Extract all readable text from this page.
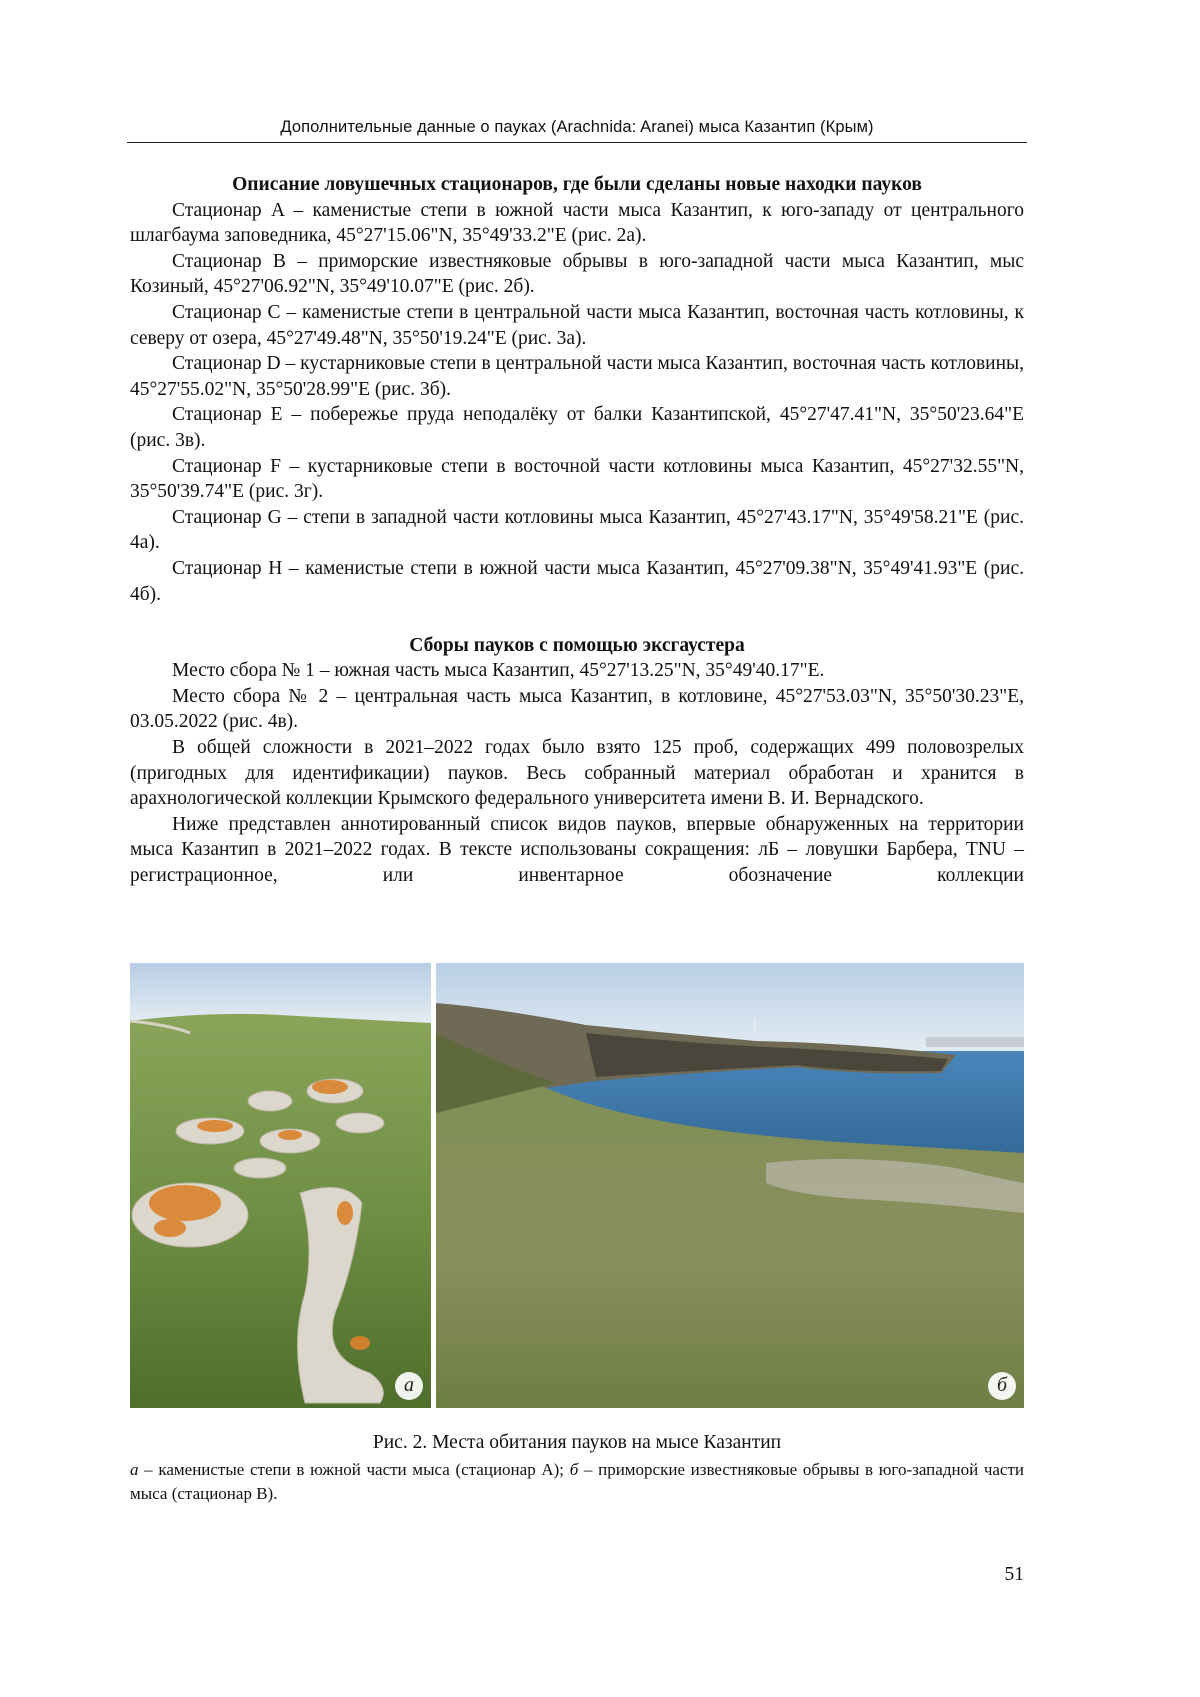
Дополнительные данные о пауках (Arachnida: Aranei) мыса Казантип (Крым)
Описание ловушечных стационаров, где были сделаны новые находки пауков
Стационар A – каменистые степи в южной части мыса Казантип, к юго-западу от центрального шлагбаума заповедника, 45°27'15.06"N, 35°49'33.2"E (рис. 2а).
Стационар B – приморские известняковые обрывы в юго-западной части мыса Казантип, мыс Козиный, 45°27'06.92"N, 35°49'10.07"E (рис. 2б).
Стационар C – каменистые степи в центральной части мыса Казантип, восточная часть котловины, к северу от озера, 45°27'49.48"N, 35°50'19.24"E (рис. 3а).
Стационар D – кустарниковые степи в центральной части мыса Казантип, восточная часть котловины, 45°27'55.02"N, 35°50'28.99"E (рис. 3б).
Стационар E – побережье пруда неподалёку от балки Казантипской, 45°27'47.41"N, 35°50'23.64"E (рис. 3в).
Стационар F – кустарниковые степи в восточной части котловины мыса Казантип, 45°27'32.55"N, 35°50'39.74"E (рис. 3г).
Стационар G – степи в западной части котловины мыса Казантип, 45°27'43.17"N, 35°49'58.21"E (рис. 4а).
Стационар H – каменистые степи в южной части мыса Казантип, 45°27'09.38"N, 35°49'41.93"E (рис. 4б).
Сборы пауков с помощью эксгаустера
Место сбора № 1 – южная часть мыса Казантип, 45°27'13.25"N, 35°49'40.17"E.
Место сбора № 2 – центральная часть мыса Казантип, в котловине, 45°27'53.03"N, 35°50'30.23"E, 03.05.2022 (рис. 4в).
В общей сложности в 2021–2022 годах было взято 125 проб, содержащих 499 половозрелых (пригодных для идентификации) пауков. Весь собранный материал обработан и хранится в арахнологической коллекции Крымского федерального университета имени В. И. Вернадского.
Ниже представлен аннотированный список видов пауков, впервые обнаруженных на территории мыса Казантип в 2021–2022 годах. В тексте использованы сокращения: лБ – ловушки Барбера, TNU – регистрационное, или инвентарное обозначение коллекции
а	б
Рис. 2. Места обитания пауков на мысе Казантип
а – каменистые степи в южной части мыса (стационар A); б – приморские известняковые обрывы в юго-западной части мыса (стационар B).
51
